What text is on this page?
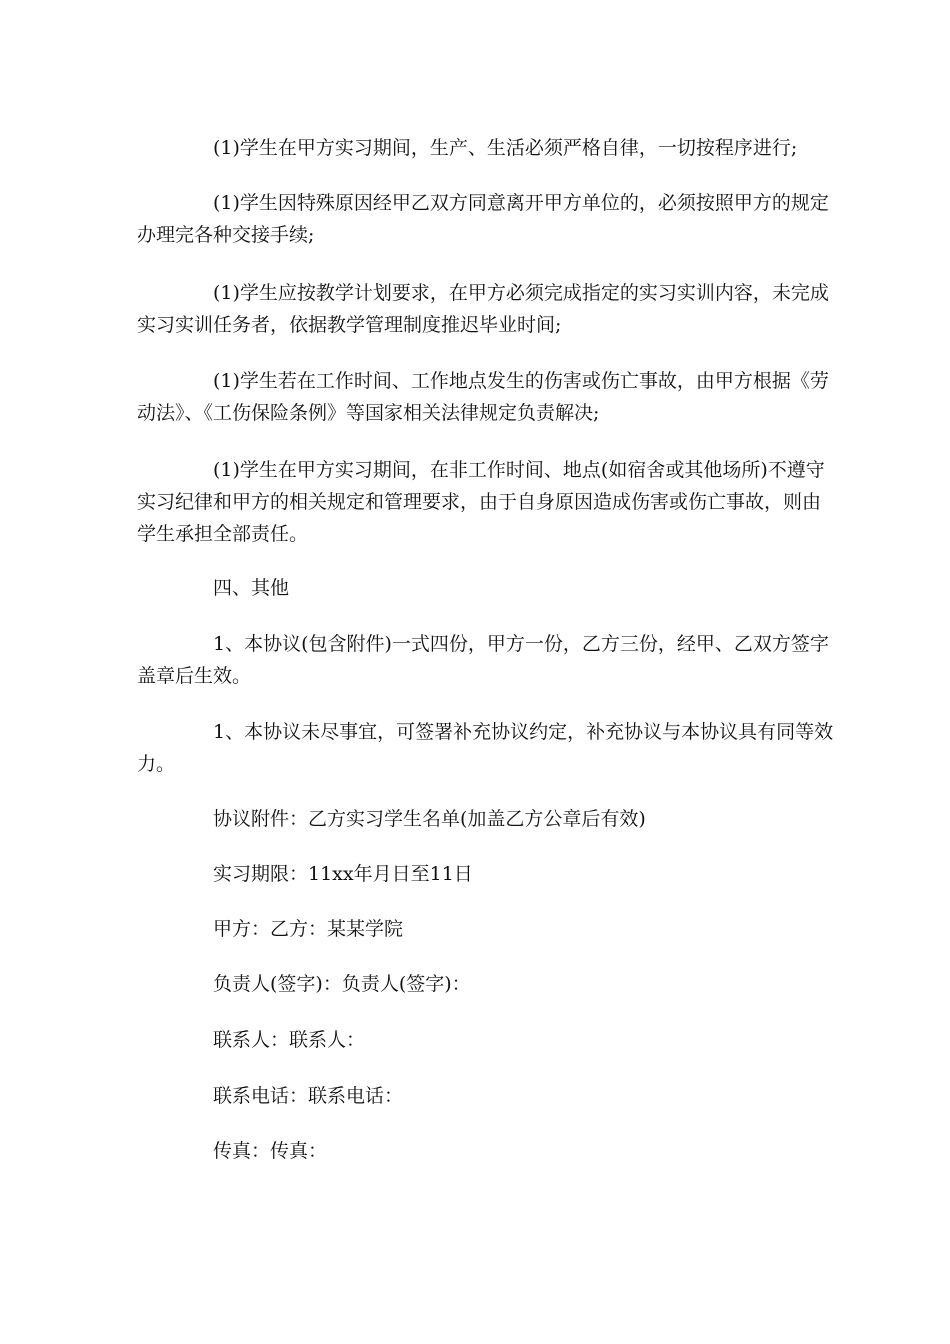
(1)学生在甲方实习期间，生产、生活必须严格自律，一切按程序进行;

(1)学生因特殊原因经甲乙双方同意离开甲方单位的，必须按照甲方的规定办理完各种交接手续;

(1)学生应按教学计划要求，在甲方必须完成指定的实习实训内容，未完成实习实训任务者，依据教学管理制度推迟毕业时间;

(1)学生若在工作时间、工作地点发生的伤害或伤亡事故，由甲方根据《劳动法》、《工伤保险条例》等国家相关法律规定负责解决;

(1)学生在甲方实习期间，在非工作时间、地点(如宿舍或其他场所)不遵守实习纪律和甲方的相关规定和管理要求，由于自身原因造成伤害或伤亡事故，则由学生承担全部责任。

四、其他

1、本协议(包含附件)一式四份，甲方一份，乙方三份，经甲、乙双方签字盖章后生效。

1、本协议未尽事宜，可签署补充协议约定，补充协议与本协议具有同等效力。

协议附件：乙方实习学生名单(加盖乙方公章后有效)

实习期限：11xx年月日至11日

甲方：乙方：某某学院

负责人(签字)：负责人(签字)：

联系人：联系人：

联系电话：联系电话：

传真：传真：
